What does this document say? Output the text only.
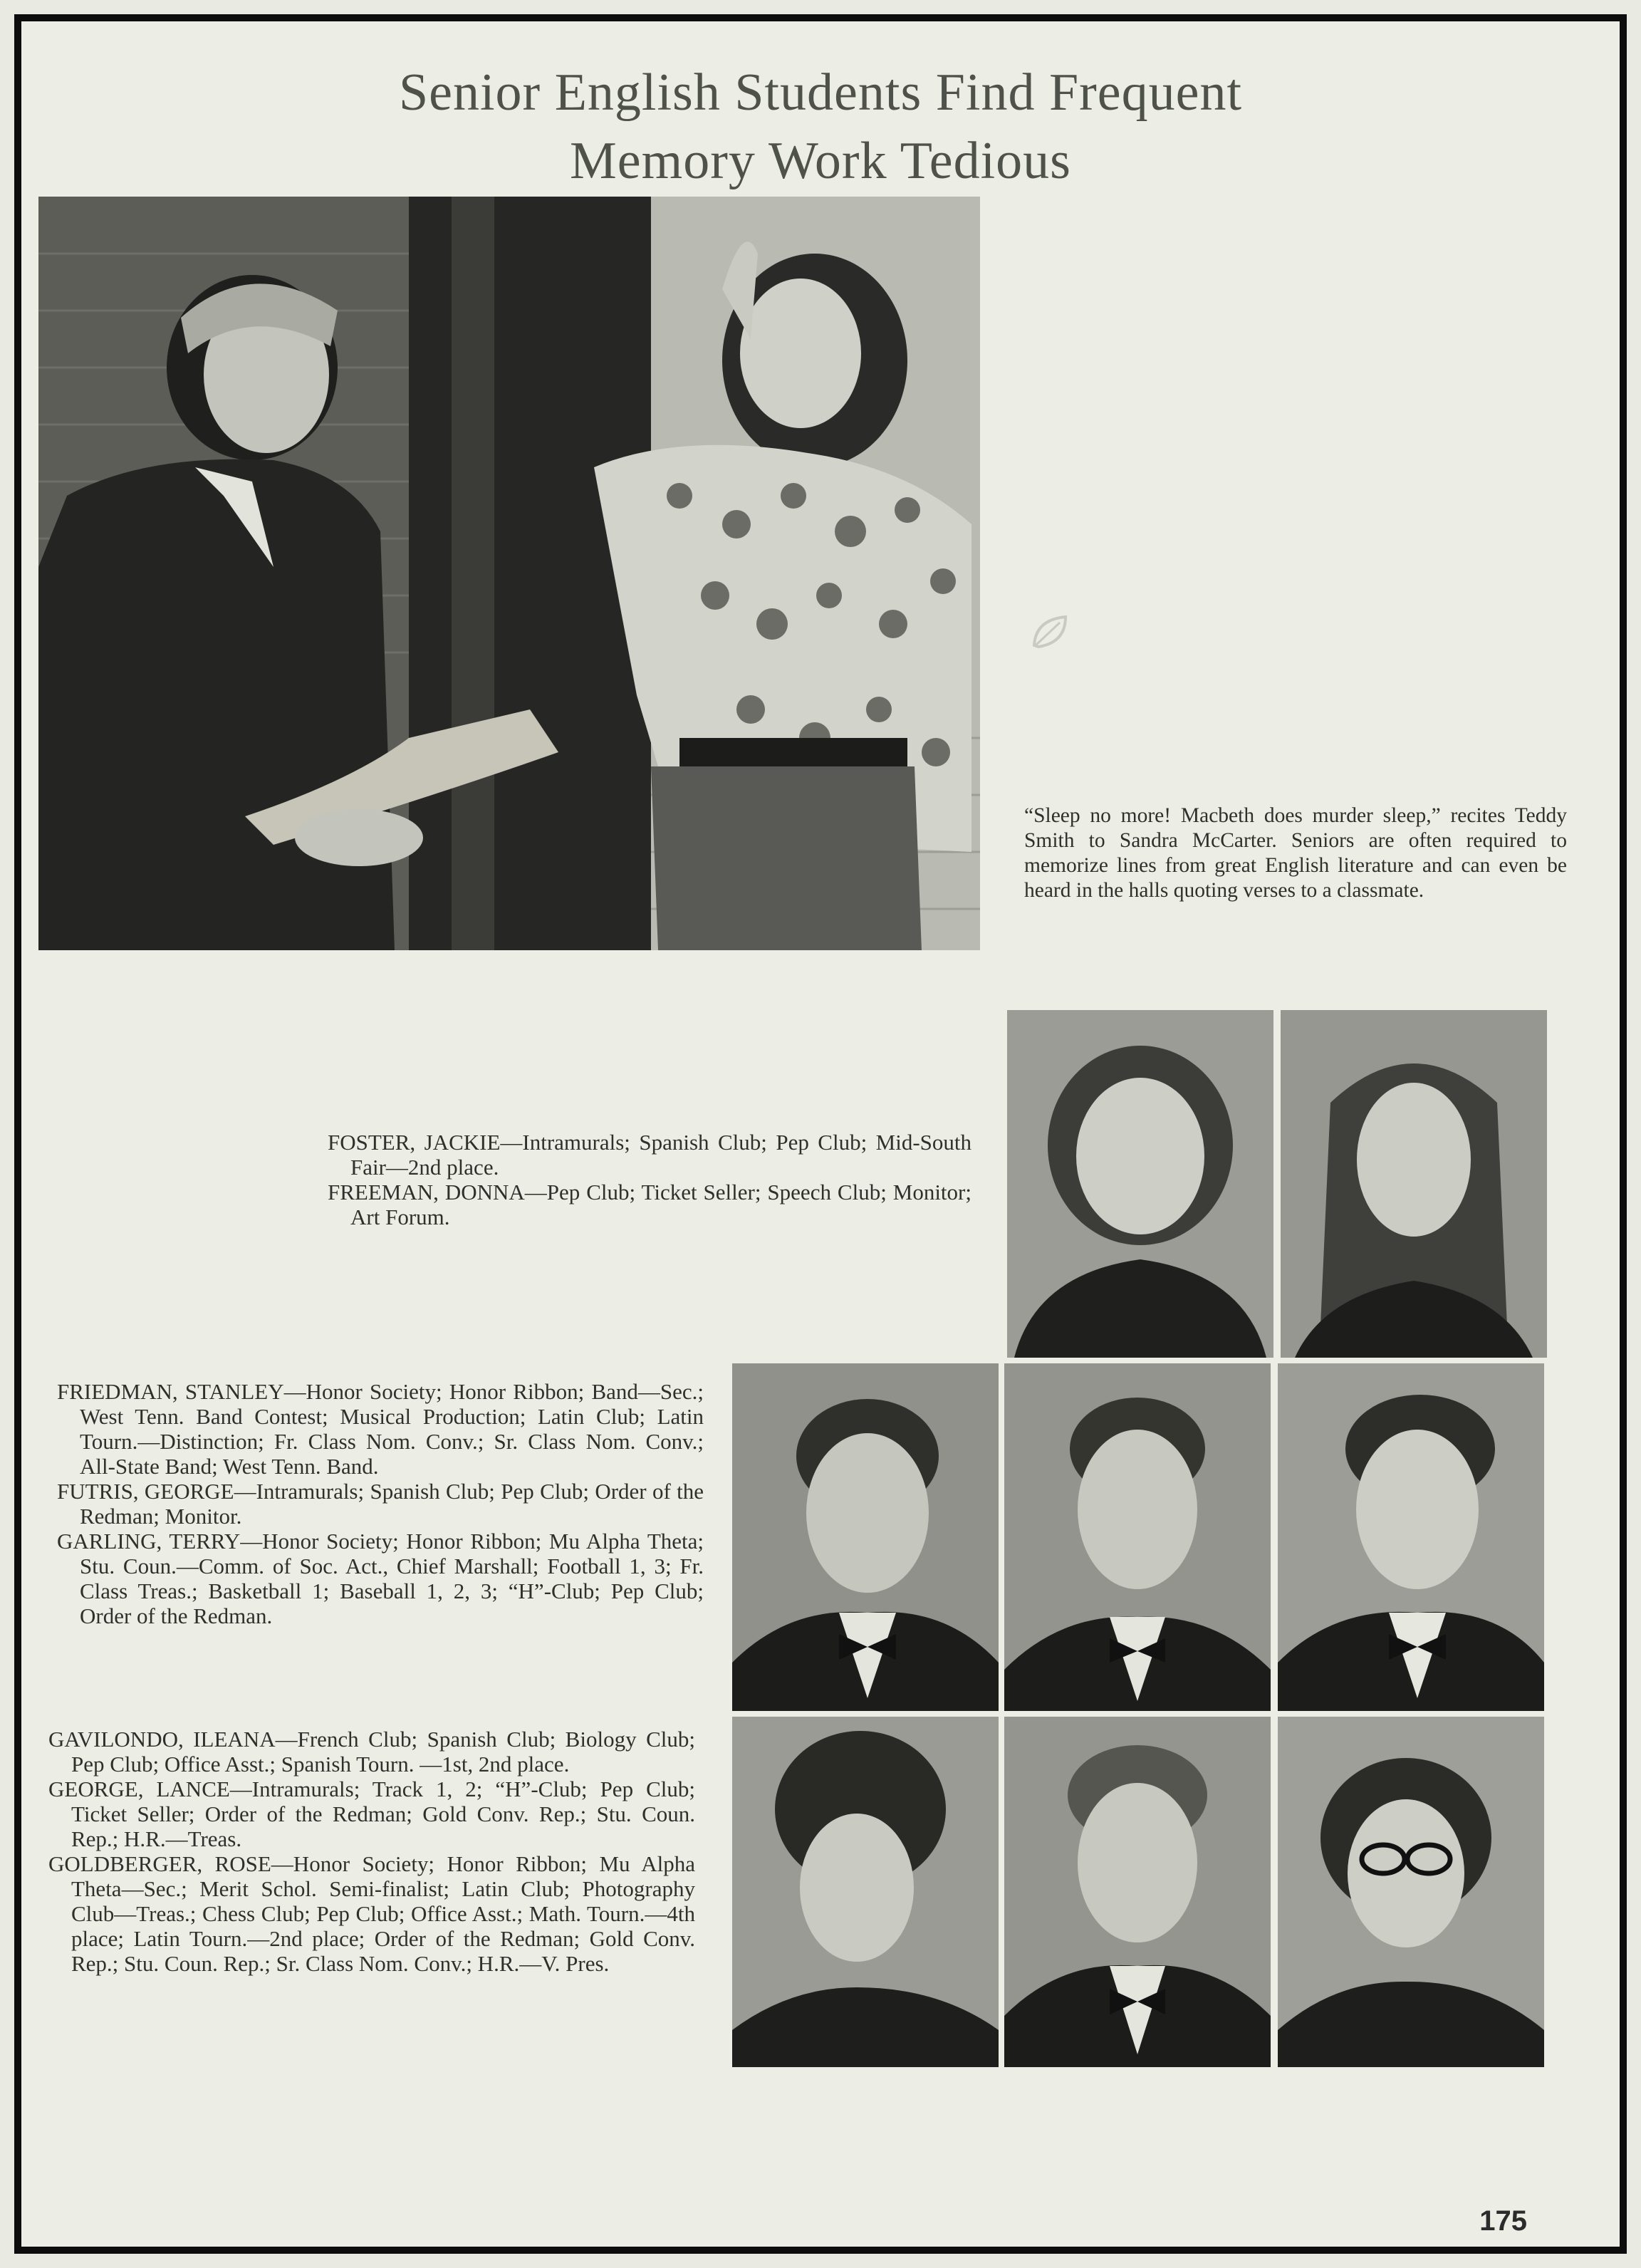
Senior English Students Find Frequent
Memory Work Tedious
“Sleep no more! Macbeth does murder sleep,” recites Teddy Smith to Sandra McCarter. Seniors are often required to memorize lines from great English literature and can even be heard in the halls quoting verses to a classmate.

FOSTER, JACKIE—Intramurals; Spanish Club; Pep Club; Mid-South Fair—2nd place.

FREEMAN, DONNA—Pep Club; Ticket Seller; Speech Club; Monitor; Art Forum.

FRIEDMAN, STANLEY—Honor Society; Honor Ribbon; Band—Sec.; West Tenn. Band Contest; Musical Production; Latin Club; Latin Tourn.—Distinction; Fr. Class Nom. Conv.; Sr. Class Nom. Conv.; All-State Band; West Tenn. Band.

FUTRIS, GEORGE—Intramurals; Spanish Club; Pep Club; Order of the Redman; Monitor.

GARLING, TERRY—Honor Society; Honor Ribbon; Mu Alpha Theta; Stu. Coun.—Comm. of Soc. Act., Chief Marshall; Football 1, 3; Fr. Class Treas.; Basketball 1; Baseball 1, 2, 3; “H”-Club; Pep Club; Order of the Redman.

GAVILONDO, ILEANA—French Club; Spanish Club; Biology Club; Pep Club; Office Asst.; Spanish Tourn. —1st, 2nd place.

GEORGE, LANCE—Intramurals; Track 1, 2; “H”-Club; Pep Club; Ticket Seller; Order of the Redman; Gold Conv. Rep.; Stu. Coun. Rep.; H.R.—Treas.

GOLDBERGER, ROSE—Honor Society; Honor Ribbon; Mu Alpha Theta—Sec.; Merit Schol. Semi-finalist; Latin Club; Photography Club—Treas.; Chess Club; Pep Club; Office Asst.; Math. Tourn.—4th place; Latin Tourn.—2nd place; Order of the Redman; Gold Conv. Rep.; Stu. Coun. Rep.; Sr. Class Nom. Conv.; H.R.—V. Pres.

175
